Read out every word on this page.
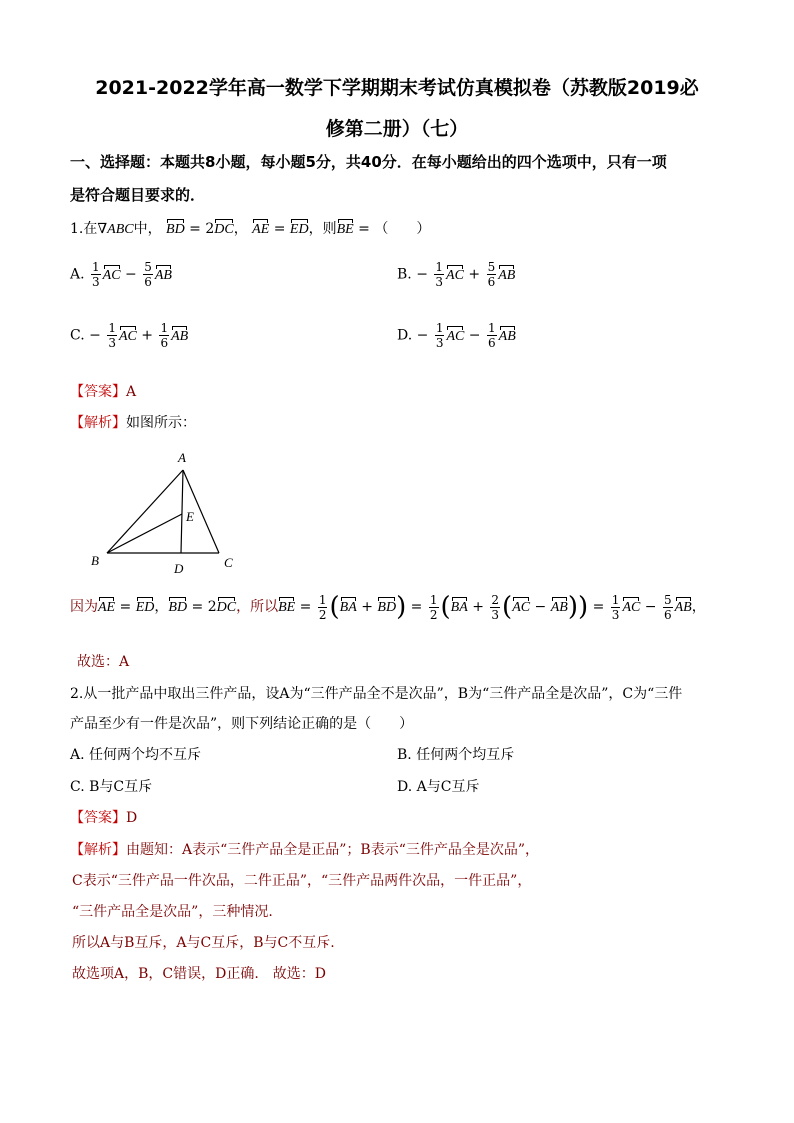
2021-2022学年高一数学下学期期末考试仿真模拟卷（苏教版2019必
修第二册）（七）
一、选择题：本题共8小题，每小题5分，共40分．在每小题给出的四个选项中，只有一项
是符合题目要求的．
1.在∇ABC中， BD = 2DC， AE = ED，则BE = （　　）
A. $\frac{1}{3}$ AC − $\frac{5}{6}$ AB	B. − $\frac{1}{3}$ AC + $\frac{5}{6}$ AB
C. − $\frac{1}{3}$ AC + $\frac{1}{6}$ AB	D. − $\frac{1}{3}$ AC − $\frac{1}{6}$ AB
【答案】A
【解析】如图所示：
A
B	C
D
E
因为AE = ED，BD = 2DC，所以BE = $\frac{1}{2} (BA + BD) = \frac{1}{2} (BA + \frac{2}{3} (AC - AB)) = \frac{1}{3}$ AC − $\frac{5}{6}$ AB，
故选：A
2.从一批产品中取出三件产品，设A为“三件产品全不是次品”，B为“三件产品全是次品”，C为“三件
产品至少有一件是次品”，则下列结论正确的是（　　）
A. 任何两个均不互斥	B. 任何两个均互斥
C. B与C互斥	D. A与C互斥
【答案】D
【解析】由题知：A表示“三件产品全是正品”；B表示“三件产品全是次品”，
C表示“三件产品一件次品，二件正品”，“三件产品两件次品，一件正品”，
“三件产品全是次品”，三种情况.
所以A与B互斥，A与C互斥，B与C不互斥.
故选项A，B，C错误，D正确.　故选：D
